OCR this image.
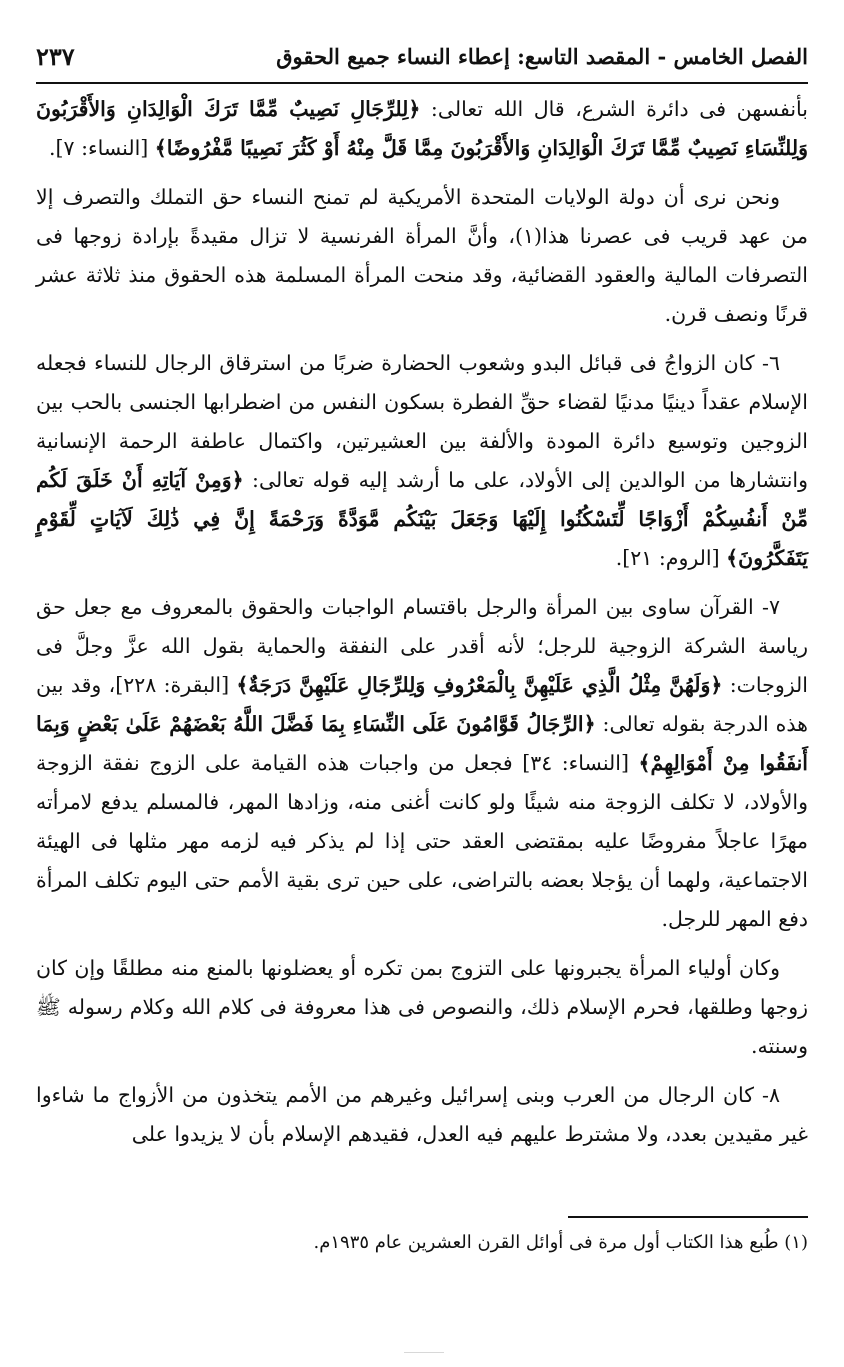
الفصل الخامس - المقصد التاسع: إعطاء النساء جميع الحقوق
٢٣٧

بأنفسهن فى دائرة الشرع، قال الله تعالى: ﴿لِلرِّجَالِ نَصِيبٌ مِّمَّا تَرَكَ الْوَالِدَانِ وَالأَقْرَبُونَ وَلِلنِّسَاءِ نَصِيبٌ مِّمَّا تَرَكَ الْوَالِدَانِ وَالأَقْرَبُونَ مِمَّا قَلَّ مِنْهُ أَوْ كَثُرَ نَصِيبًا مَّفْرُوضًا﴾ [النساء: ٧].

ونحن نرى أن دولة الولايات المتحدة الأمريكية لم تمنح النساء حق التملك والتصرف إلا من عهد قريب فى عصرنا هذا(١)، وأنَّ المرأة الفرنسية لا تزال مقيدةً بإرادة زوجها فى التصرفات المالية والعقود القضائية، وقد منحت المرأة المسلمة هذه الحقوق منذ ثلاثة عشر قرنًا ونصف قرن.

٦- كان الزواجُ فى قبائل البدو وشعوب الحضارة ضربًا من استرقاق الرجال للنساء فجعله الإسلام عقداً دينيًا مدنيًا لقضاء حقِّ الفطرة بسكون النفس من اضطرابها الجنسى بالحب بين الزوجين وتوسيع دائرة المودة والألفة بين العشيرتين، واكتمال عاطفة الرحمة الإنسانية وانتشارها من الوالدين إلى الأولاد، على ما أرشد إليه قوله تعالى: ﴿وَمِنْ آيَاتِهِ أَنْ خَلَقَ لَكُم مِّنْ أَنفُسِكُمْ أَزْوَاجًا لِّتَسْكُنُوا إِلَيْهَا وَجَعَلَ بَيْنَكُم مَّوَدَّةً وَرَحْمَةً إِنَّ فِي ذَٰلِكَ لَآيَاتٍ لِّقَوْمٍ يَتَفَكَّرُونَ﴾ [الروم: ٢١].

٧- القرآن ساوى بين المرأة والرجل باقتسام الواجبات والحقوق بالمعروف مع جعل حق رياسة الشركة الزوجية للرجل؛ لأنه أقدر على النفقة والحماية بقول الله عزَّ وجلَّ فى الزوجات: ﴿وَلَهُنَّ مِثْلُ الَّذِي عَلَيْهِنَّ بِالْمَعْرُوفِ وَلِلرِّجَالِ عَلَيْهِنَّ دَرَجَةٌ﴾ [البقرة: ٢٢٨]، وقد بين هذه الدرجة بقوله تعالى: ﴿الرِّجَالُ قَوَّامُونَ عَلَى النِّسَاءِ بِمَا فَضَّلَ اللَّهُ بَعْضَهُمْ عَلَىٰ بَعْضٍ وَبِمَا أَنفَقُوا مِنْ أَمْوَالِهِمْ﴾ [النساء: ٣٤] فجعل من واجبات هذه القيامة على الزوج نفقة الزوجة والأولاد، لا تكلف الزوجة منه شيئًا ولو كانت أغنى منه، وزادها المهر، فالمسلم يدفع لامرأته مهرًا عاجلاً مفروضًا عليه بمقتضى العقد حتى إذا لم يذكر فيه لزمه مهر مثلها فى الهيئة الاجتماعية، ولهما أن يؤجلا بعضه بالتراضى، على حين ترى بقية الأمم حتى اليوم تكلف المرأة دفع المهر للرجل.

وكان أولياء المرأة يجبرونها على التزوج بمن تكره أو يعضلونها بالمنع منه مطلقًا وإن كان زوجها وطلقها، فحرم الإسلام ذلك، والنصوص فى هذا معروفة فى كلام الله وكلام رسوله ﷺ وسنته.

٨- كان الرجال من العرب وبنى إسرائيل وغيرهم من الأمم يتخذون من الأزواج ما شاءوا غير مقيدين بعدد، ولا مشترط عليهم فيه العدل، فقيدهم الإسلام بأن لا يزيدوا على

(١) طُبع هذا الكتاب أول مرة فى أوائل القرن العشرين عام ١٩٣٥م.
